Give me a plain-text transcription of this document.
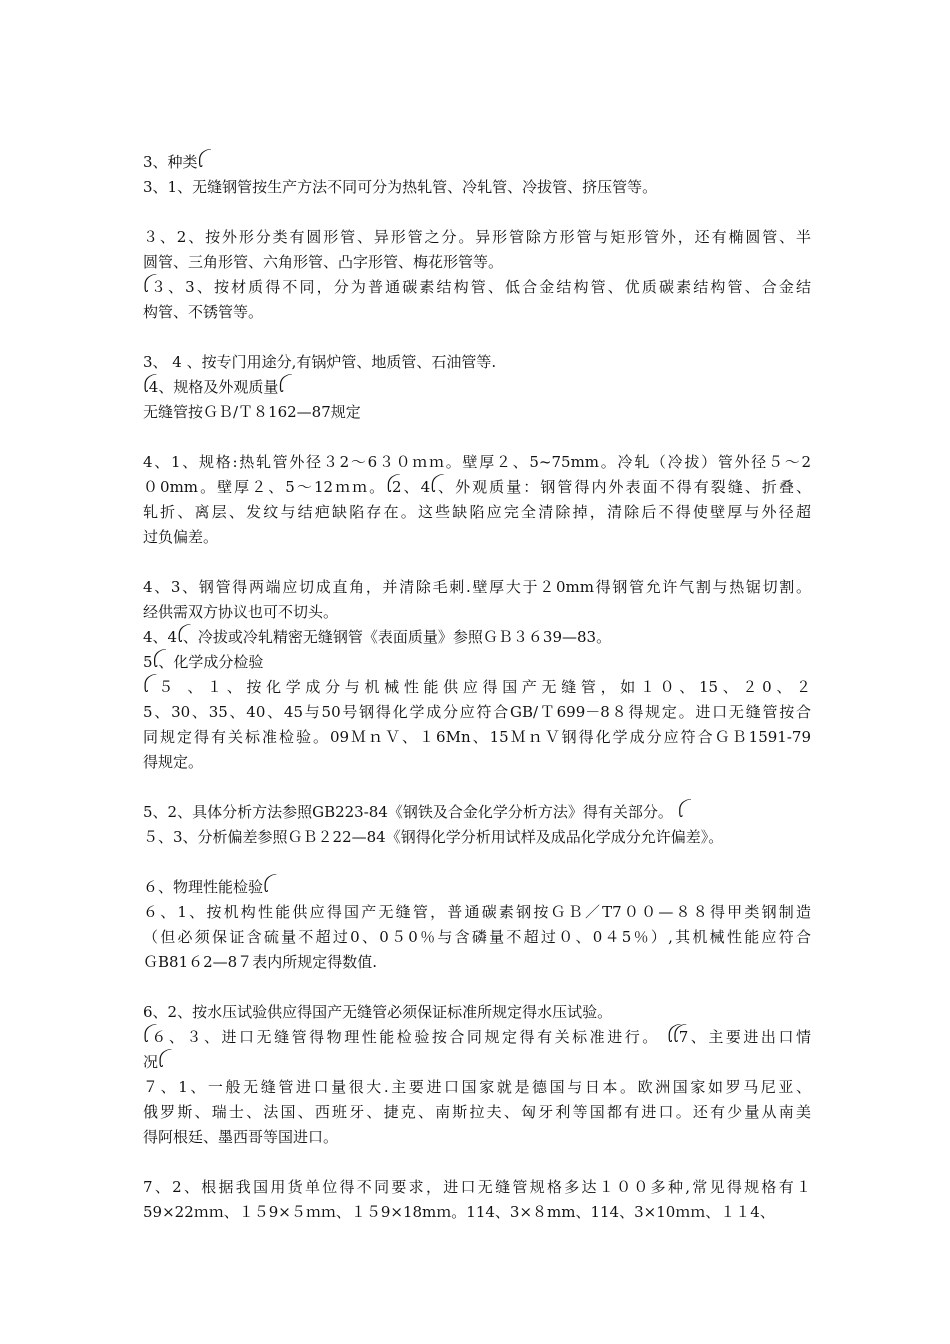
3、种类ꪶ
3、1、无缝钢管按生产方法不同可分为热轧管、冷轧管、冷拔管、挤压管等。
３、2、按外形分类有圆形管、异形管之分。异形管除方形管与矩形管外，还有椭圆管、半
圆管、三角形管、六角形管、凸字形管、梅花形管等。
ꪶ３、3、按材质得不同，分为普通碳素结构管、低合金结构管、优质碳素结构管、合金结
构管、不锈管等。
3、 4 、按专门用途分,有锅炉管、地质管、石油管等.
ꪶ4、规格及外观质量ꪶ
无缝管按ＧＢ/Ｔ８162—87规定
4、1、规格:热轧管外径３2～6３０ｍｍ。壁厚２、5~75mm。冷轧（冷拔）管外径５～2
０0mm。壁厚２、5～12ｍｍ。ꪶ2、4ꪶ、外观质量：钢管得内外表面不得有裂缝、折叠、
轧折、离层、发纹与结疤缺陷存在。这些缺陷应完全清除掉，清除后不得使壁厚与外径超
过负偏差。
4、3、钢管得两端应切成直角，并清除毛刺.壁厚大于２0mm得钢管允许气割与热锯切割。
经供需双方协议也可不切头。
4、4ꪶ、冷拔或冷轧精密无缝钢管《表面质量》参照ＧＢ３６39—83。
5ꪶ、化学成分检验
ꪶ ５ 、１、按化学成分与机械性能供应得国产无缝管，如１０、15、２0、２
5、30、35、40、45与50号钢得化学成分应符合GB/Ｔ699－8８得规定。进口无缝管按合
同规定得有关标准检验。09ＭｎＶ、１6Mn、15ＭｎＶ钢得化学成分应符合ＧＢ1591-79
得规定。
5、2、具体分析方法参照GB223-84《钢铁及合金化学分析方法》得有关部分。 ꪶ
５、3、分析偏差参照ＧＢ２22—84《钢得化学分析用试样及成品化学成分允许偏差》。
６、物理性能检验ꪶ
６、1、按机构性能供应得国产无缝管，普通碳素钢按ＧＢ／T7００—８８得甲类钢制造
（但必须保证含硫量不超过0、0５0％与含磷量不超过０、0４5％）,其机械性能应符合
ＧB81６2—8７表内所规定得数值.
6、2、按水压试验供应得国产无缝管必须保证标准所规定得水压试验。
ꪶ６、３、进口无缝管得物理性能检验按合同规定得有关标准进行。 ꪶꪶ7、主要进出口情
况ꪶ
７、1、一般无缝管进口量很大.主要进口国家就是德国与日本。欧洲国家如罗马尼亚、
俄罗斯、瑞士、法国、西班牙、捷克、南斯拉夫、匈牙利等国都有进口。还有少量从南美
得阿根廷、墨西哥等国进口。
7、2、根据我国用货单位得不同要求，进口无缝管规格多达１００多种,常见得规格有１
59×22ｍｍ、１５9×５ｍｍ、１５9×18mｍ。114、3×８mm、114、3×10ｍｍ、１１4、
